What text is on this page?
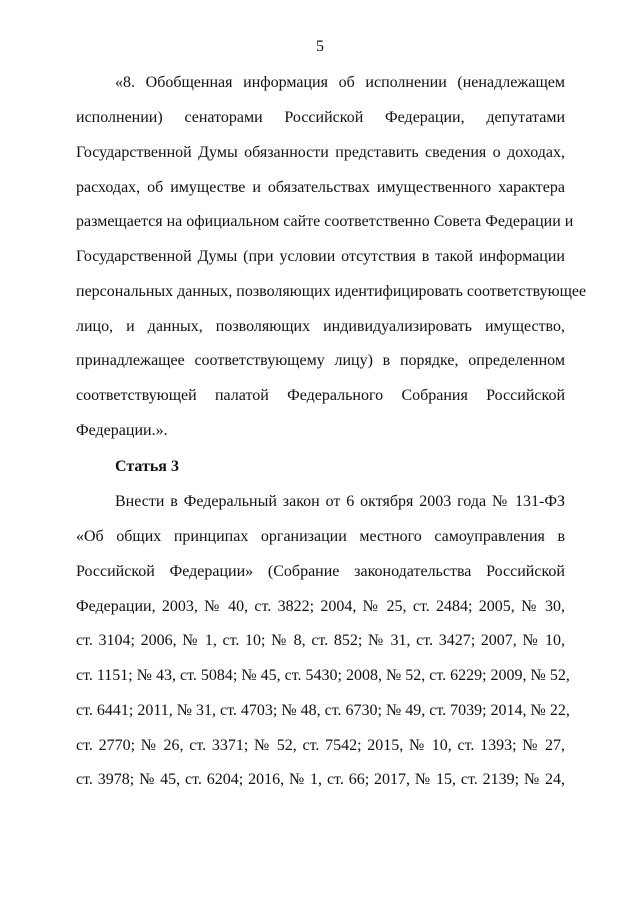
5
«8. Обобщенная информация об исполнении (ненадлежащем
исполнении) сенаторами Российской Федерации, депутатами
Государственной Думы обязанности представить сведения о доходах,
расходах, об имуществе и обязательствах имущественного характера
размещается на официальном сайте соответственно Совета Федерации и
Государственной Думы (при условии отсутствия в такой информации
персональных данных, позволяющих идентифицировать соответствующее
лицо, и данных, позволяющих индивидуализировать имущество,
принадлежащее соответствующему лицу) в порядке, определенном
соответствующей палатой Федерального Собрания Российской
Федерации.».
Статья 3
Внести в Федеральный закон от 6 октября 2003 года № 131-ФЗ
«Об общих принципах организации местного самоуправления в
Российской Федерации» (Собрание законодательства Российской
Федерации, 2003, № 40, ст. 3822; 2004, № 25, ст. 2484; 2005, № 30,
ст. 3104; 2006, № 1, ст. 10; № 8, ст. 852; № 31, ст. 3427; 2007, № 10,
ст. 1151; № 43, ст. 5084; № 45, ст. 5430; 2008, № 52, ст. 6229; 2009, № 52,
ст. 6441; 2011, № 31, ст. 4703; № 48, ст. 6730; № 49, ст. 7039; 2014, № 22,
ст. 2770; № 26, ст. 3371; № 52, ст. 7542; 2015, № 10, ст. 1393; № 27,
ст. 3978; № 45, ст. 6204; 2016, № 1, ст. 66; 2017, № 15, ст. 2139; № 24,
